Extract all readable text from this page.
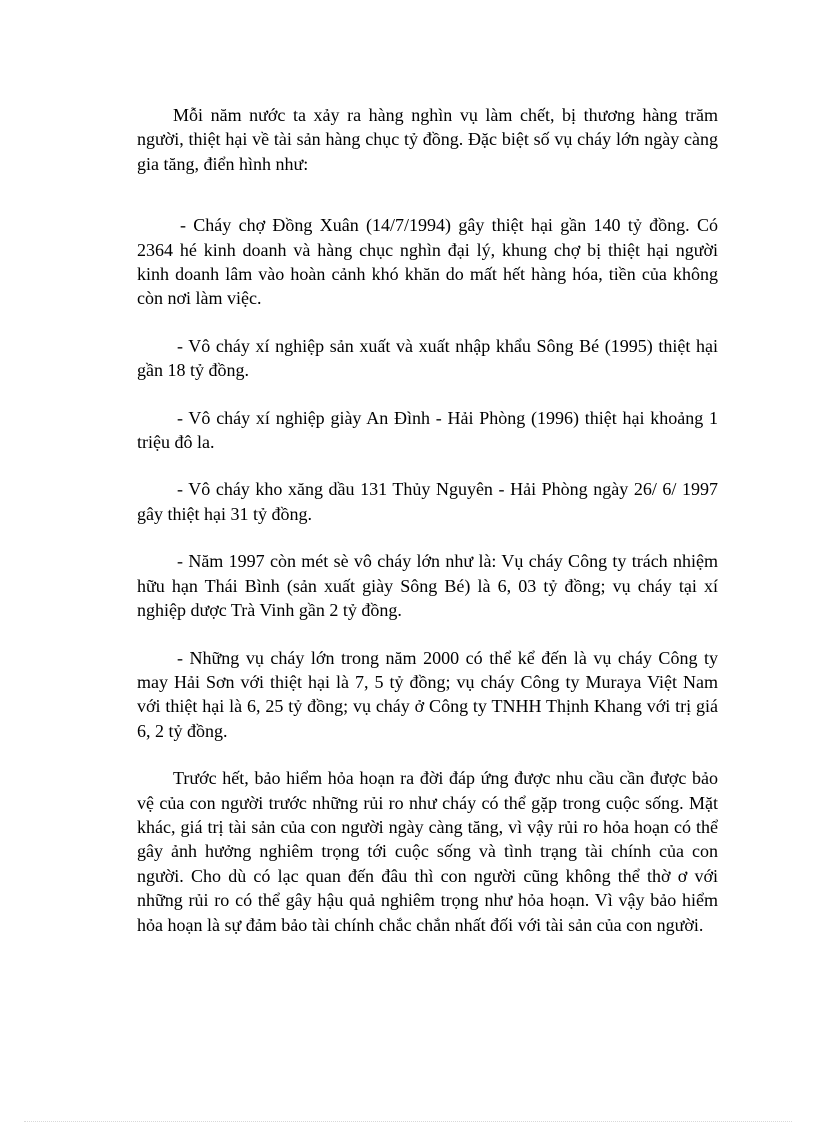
Mỗi năm nước ta xảy ra hàng nghìn vụ làm chết, bị thương hàng trăm người, thiệt hại về tài sản hàng chục tỷ đồng. Đặc biệt số vụ cháy lớn ngày càng gia tăng, điển hình như:

- Cháy chợ Đồng Xuân (14/7/1994) gây thiệt hại gần 140 tỷ đồng. Có 2364 hé kinh doanh và hàng chục nghìn đại lý, khung chợ bị thiệt hại người kinh doanh lâm vào hoàn cảnh khó khăn do mất hết hàng hóa, tiền của không còn nơi làm việc.

- Vô cháy xí nghiệp sản xuất và xuất nhập khẩu Sông Bé (1995) thiệt hại gần 18 tỷ đồng.

- Vô cháy xí nghiệp giày An Đình - Hải Phòng (1996) thiệt hại khoảng 1 triệu đô la.

- Vô cháy kho xăng dầu 131 Thủy Nguyên - Hải Phòng ngày 26/ 6/ 1997 gây thiệt hại 31 tỷ đồng.

- Năm 1997 còn mét sè vô cháy lớn như là: Vụ cháy Công ty trách nhiệm hữu hạn Thái Bình (sản xuất giày Sông Bé) là 6, 03 tỷ đồng; vụ cháy tại xí nghiệp dược Trà Vinh gần 2 tỷ đồng.

- Những vụ cháy lớn trong năm 2000 có thể kể đến là vụ cháy Công ty may Hải Sơn với thiệt hại là 7, 5 tỷ đồng; vụ cháy Công ty Muraya Việt Nam với thiệt hại là 6, 25 tỷ đồng; vụ cháy ở Công ty TNHH Thịnh Khang với trị giá 6, 2 tỷ đồng.

Trước hết, bảo hiểm hỏa hoạn ra đời đáp ứng được nhu cầu cần được bảo vệ của con người trước những rủi ro như cháy có thể gặp trong cuộc sống. Mặt khác, giá trị tài sản của con người ngày càng tăng, vì vậy rủi ro hỏa hoạn có thể gây ảnh hưởng nghiêm trọng tới cuộc sống và tình trạng tài chính của con người. Cho dù có lạc quan đến đâu thì con người cũng không thể thờ ơ với những rủi ro có thể gây hậu quả nghiêm trọng như hỏa hoạn. Vì vậy bảo hiểm hỏa hoạn là sự đảm bảo tài chính chắc chắn nhất đối với tài sản của con người.
